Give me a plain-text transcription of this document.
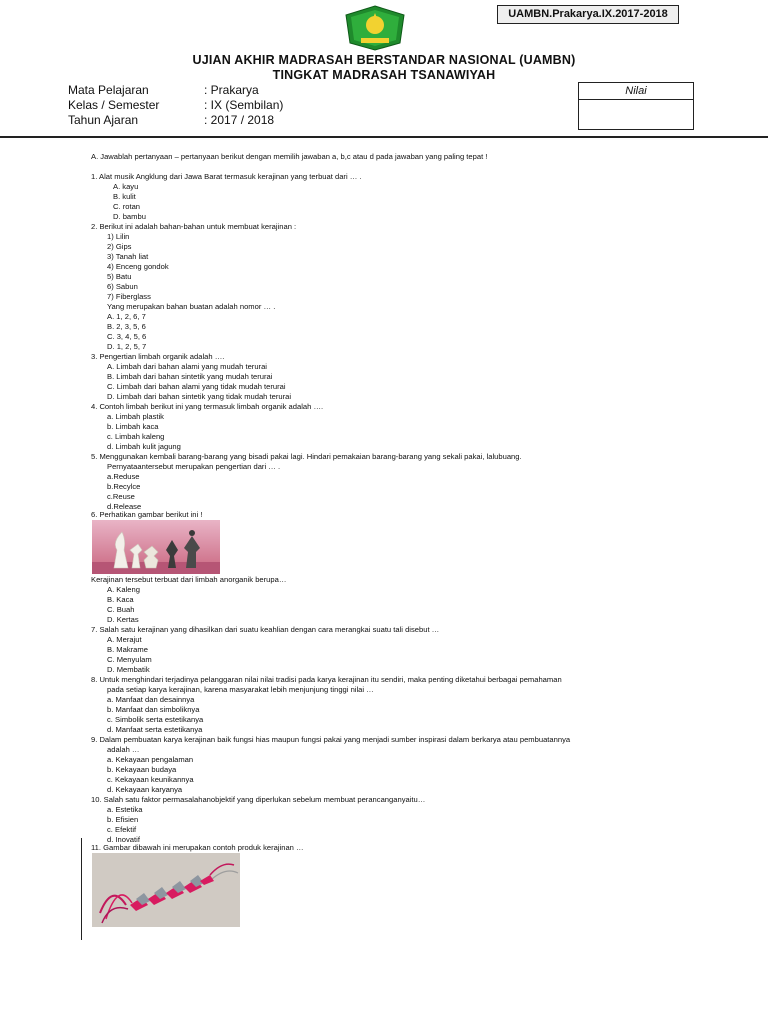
UAMBN.Prakarya.IX.2017-2018
UJIAN AKHIR MADRASAH BERSTANDAR NASIONAL (UAMBN)
TINGKAT MADRASAH TSANAWIYAH
Mata Pelajaran	: Prakarya
Kelas / Semester	: IX (Sembilan)
Tahun Ajaran	: 2017 / 2018
Nilai
A. Jawablah pertanyaan – pertanyaan berikut dengan memilih jawaban a, b,c atau d pada jawaban yang paling tepat !
1. Alat musik Angklung dari Jawa Barat termasuk kerajinan yang terbuat dari … .
A. kayu
B. kulit
C. rotan
D. bambu
2. Berikut ini adalah bahan-bahan untuk membuat kerajinan :
1) Lilin
2) Gips
3) Tanah liat
4) Enceng gondok
5) Batu
6) Sabun
7) Fiberglass
Yang merupakan bahan buatan adalah nomor … .
A. 1, 2, 6, 7
B. 2, 3, 5, 6
C. 3, 4, 5, 6
D. 1, 2, 5, 7
3. Pengertian limbah organik adalah ….
A. Limbah dari bahan alami yang mudah terurai
B. Limbah dari bahan sintetik yang mudah terurai
C. Limbah dari bahan alami yang tidak mudah terurai
D. Limbah dari bahan sintetik yang tidak mudah terurai
4. Contoh limbah berikut ini yang termasuk limbah organik adalah ….
a. Limbah plastik
b. Limbah kaca
c. Limbah kaleng
d. Limbah kulit jagung
5. Menggunakan kembali barang-barang yang bisadi pakai lagi. Hindari pemakaian barang-barang yang sekali pakai, lalubuang.
Pernyataantersebut merupakan pengertian dari … .
a.Reduse
b.Recylce
c.Reuse
d.Release
6. Perhatikan gambar berikut ini !
Kerajinan tersebut terbuat dari limbah anorganik berupa…
A. Kaleng
B. Kaca
C. Buah
D. Kertas
7. Salah satu kerajinan yang dihasilkan dari suatu keahlian dengan cara merangkai suatu tali disebut …
A. Merajut
B. Makrame
C. Menyulam
D. Membatik
8. Untuk menghindari terjadinya pelanggaran nilai nilai tradisi pada karya kerajinan itu sendiri, maka penting diketahui berbagai pemahaman
pada setiap karya kerajinan, karena masyarakat lebih menjunjung tinggi nilai …
a. Manfaat dan desainnya
b. Manfaat dan simboliknya
c. Simbolik serta estetikanya
d. Manfaat serta estetikanya
9. Dalam pembuatan karya kerajinan baik fungsi hias maupun fungsi pakai yang menjadi sumber inspirasi dalam berkarya atau pembuatannya
adalah …
a. Kekayaan pengalaman
b. Kekayaan budaya
c. Kekayaan keunikannya
d. Kekayaan karyanya
10. Salah satu faktor permasalahanobjektif yang diperlukan sebelum membuat perancanganyaitu…
a. Estetika
b. Efisien
c. Efektif
d. Inovatif
11. Gambar dibawah ini merupakan contoh produk kerajinan …
